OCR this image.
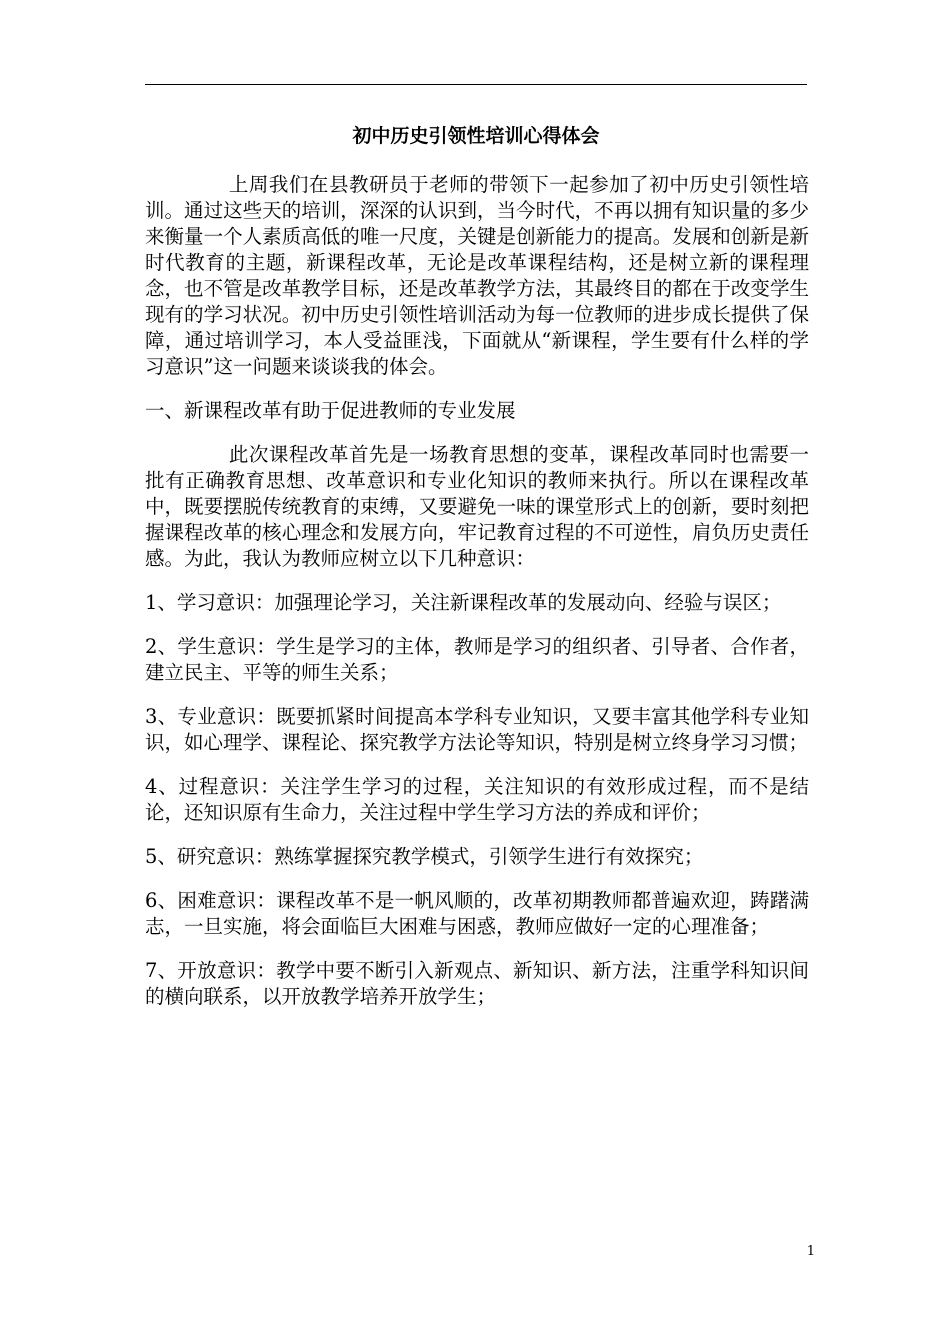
初中历史引领性培训心得体会

上周我们在县教研员于老师的带领下一起参加了初中历史引领性培训。通过这些天的培训，深深的认识到，当今时代，不再以拥有知识量的多少来衡量一个人素质高低的唯一尺度，关键是创新能力的提高。发展和创新是新时代教育的主题，新课程改革，无论是改革课程结构，还是树立新的课程理念，也不管是改革教学目标，还是改革教学方法，其最终目的都在于改变学生现有的学习状况。初中历史引领性培训活动为每一位教师的进步成长提供了保障，通过培训学习，本人受益匪浅，下面就从“新课程，学生要有什么样的学习意识”这一问题来谈谈我的体会。

一、新课程改革有助于促进教师的专业发展

此次课程改革首先是一场教育思想的变革，课程改革同时也需要一批有正确教育思想、改革意识和专业化知识的教师来执行。所以在课程改革中，既要摆脱传统教育的束缚，又要避免一味的课堂形式上的创新，要时刻把握课程改革的核心理念和发展方向，牢记教育过程的不可逆性，肩负历史责任感。为此，我认为教师应树立以下几种意识：

1、学习意识：加强理论学习，关注新课程改革的发展动向、经验与误区；

2、学生意识：学生是学习的主体，教师是学习的组织者、引导者、合作者，建立民主、平等的师生关系；

3、专业意识：既要抓紧时间提高本学科专业知识，又要丰富其他学科专业知识，如心理学、课程论、探究教学方法论等知识，特别是树立终身学习习惯；

4、过程意识：关注学生学习的过程，关注知识的有效形成过程，而不是结论，还知识原有生命力，关注过程中学生学习方法的养成和评价；

5、研究意识：熟练掌握探究教学模式，引领学生进行有效探究；

6、困难意识：课程改革不是一帆风顺的，改革初期教师都普遍欢迎，踌躇满志，一旦实施，将会面临巨大困难与困惑，教师应做好一定的心理准备；

7、开放意识：教学中要不断引入新观点、新知识、新方法，注重学科知识间的横向联系，以开放教学培养开放学生；

1
